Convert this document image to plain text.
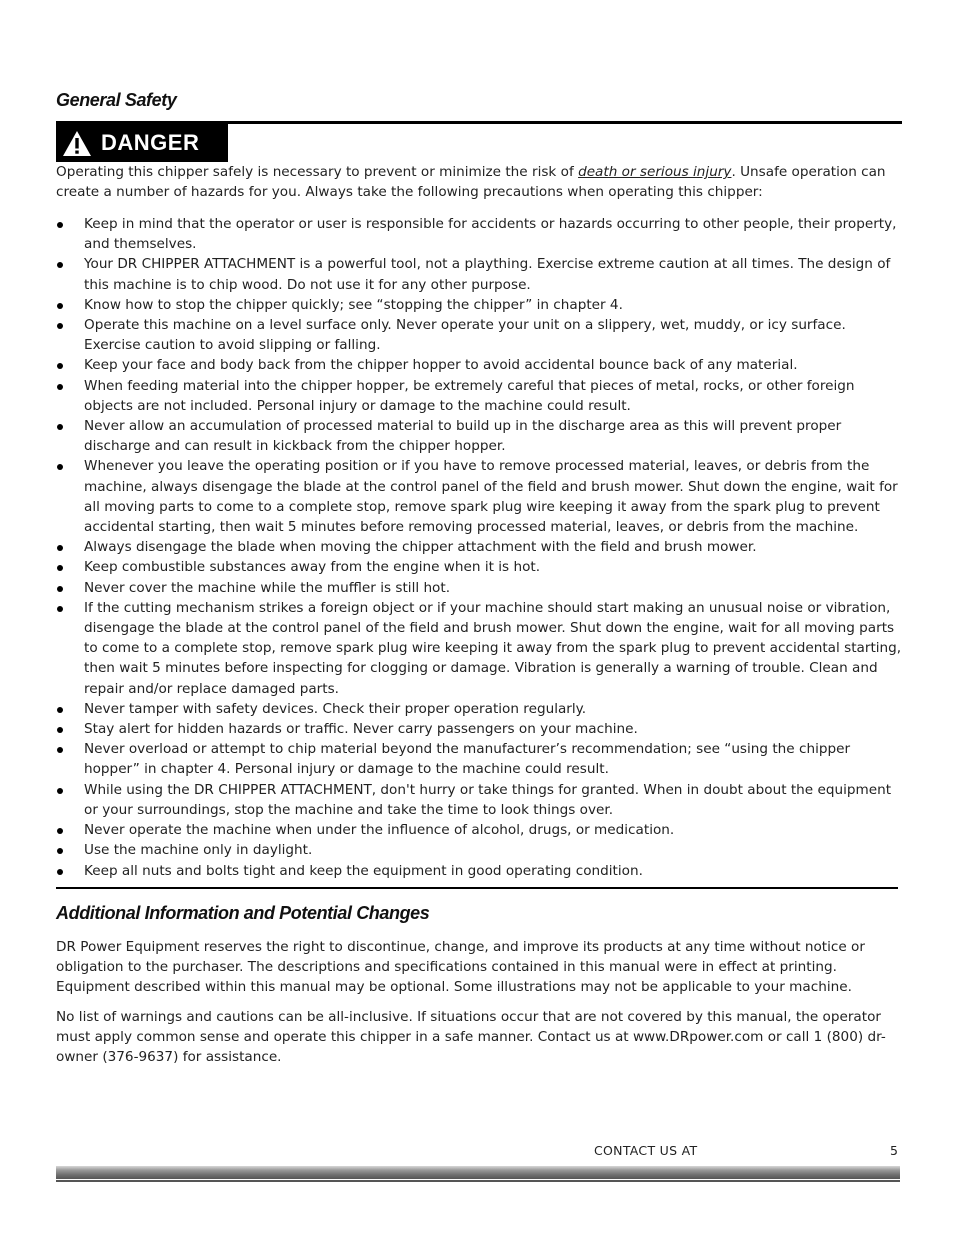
General Safety
DANGER

Operating this chipper safely is necessary to prevent or minimize the risk of death or serious injury. Unsafe operation can create a number of hazards for you. Always take the following precautions when operating this chipper:

Keep in mind that the operator or user is responsible for accidents or hazards occurring to other people, their property, and themselves.
Your DR CHIPPER ATTACHMENT is a powerful tool, not a plaything. Exercise extreme caution at all times. The design of this machine is to chip wood. Do not use it for any other purpose.
Know how to stop the chipper quickly; see “stopping the chipper” in chapter 4.
Operate this machine on a level surface only. Never operate your unit on a slippery, wet, muddy, or icy surface. Exercise caution to avoid slipping or falling.
Keep your face and body back from the chipper hopper to avoid accidental bounce back of any material.
When feeding material into the chipper hopper, be extremely careful that pieces of metal, rocks, or other foreign objects are not included. Personal injury or damage to the machine could result.
Never allow an accumulation of processed material to build up in the discharge area as this will prevent proper discharge and can result in kickback from the chipper hopper.
Whenever you leave the operating position or if you have to remove processed material, leaves, or debris from the machine, always disengage the blade at the control panel of the field and brush mower. Shut down the engine, wait for all moving parts to come to a complete stop, remove spark plug wire keeping it away from the spark plug to prevent accidental starting, then wait 5 minutes before removing processed material, leaves, or debris from the machine.
Always disengage the blade when moving the chipper attachment with the field and brush mower.
Keep combustible substances away from the engine when it is hot.
Never cover the machine while the muffler is still hot.
If the cutting mechanism strikes a foreign object or if your machine should start making an unusual noise or vibration, disengage the blade at the control panel of the field and brush mower. Shut down the engine, wait for all moving parts to come to a complete stop, remove spark plug wire keeping it away from the spark plug to prevent accidental starting, then wait 5 minutes before inspecting for clogging or damage. Vibration is generally a warning of trouble. Clean and repair and/or replace damaged parts.
Never tamper with safety devices. Check their proper operation regularly.
Stay alert for hidden hazards or traffic. Never carry passengers on your machine.
Never overload or attempt to chip material beyond the manufacturer’s recommendation; see “using the chipper hopper” in chapter 4. Personal injury or damage to the machine could result.
While using the DR CHIPPER ATTACHMENT, don't hurry or take things for granted. When in doubt about the equipment or your surroundings, stop the machine and take the time to look things over.
Never operate the machine when under the influence of alcohol, drugs, or medication.
Use the machine only in daylight.
Keep all nuts and bolts tight and keep the equipment in good operating condition.
Additional Information and Potential Changes

DR Power Equipment reserves the right to discontinue, change, and improve its products at any time without notice or obligation to the purchaser. The descriptions and specifications contained in this manual were in effect at printing. Equipment described within this manual may be optional. Some illustrations may not be applicable to your machine.

No list of warnings and cautions can be all-inclusive. If situations occur that are not covered by this manual, the operator must apply common sense and operate this chipper in a safe manner. Contact us at www.DRpower.com or call 1 (800) dr-owner (376-9637) for assistance.

CONTACT US AT	5
